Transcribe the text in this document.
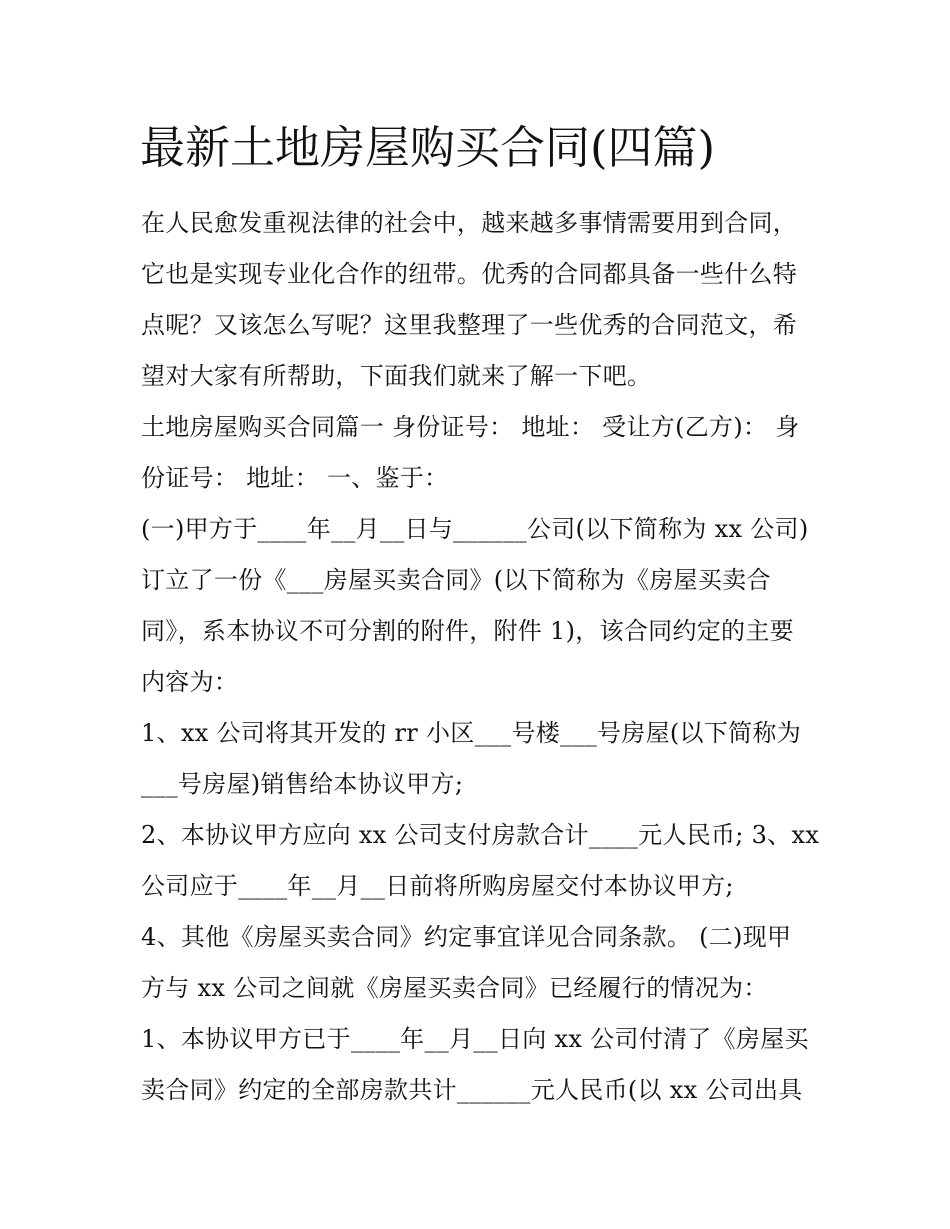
最新土地房屋购买合同(四篇)

在人民愈发重视法律的社会中，越来越多事情需要用到合同，

它也是实现专业化合作的纽带。优秀的合同都具备一些什么特

点呢？又该怎么写呢？这里我整理了一些优秀的合同范文，希

望对大家有所帮助，下面我们就来了解一下吧。

土地房屋购买合同篇一 身份证号： 地址： 受让方(乙方)： 身

份证号： 地址： 一、鉴于：

(一)甲方于____年__月__日与______公司(以下简称为 xx 公司)

订立了一份《___房屋买卖合同》(以下简称为《房屋买卖合

同》，系本协议不可分割的附件，附件 1)，该合同约定的主要

内容为：

1、xx 公司将其开发的 rr 小区___号楼___号房屋(以下简称为

___号房屋)销售给本协议甲方;

2、本协议甲方应向 xx 公司支付房款合计____元人民币; 3、xx

公司应于____年__月__日前将所购房屋交付本协议甲方;

4、其他《房屋买卖合同》约定事宜详见合同条款。 (二)现甲

方与 xx 公司之间就《房屋买卖合同》已经履行的情况为：

1、本协议甲方已于____年__月__日向 xx 公司付清了《房屋买

卖合同》约定的全部房款共计______元人民币(以 xx 公司出具
